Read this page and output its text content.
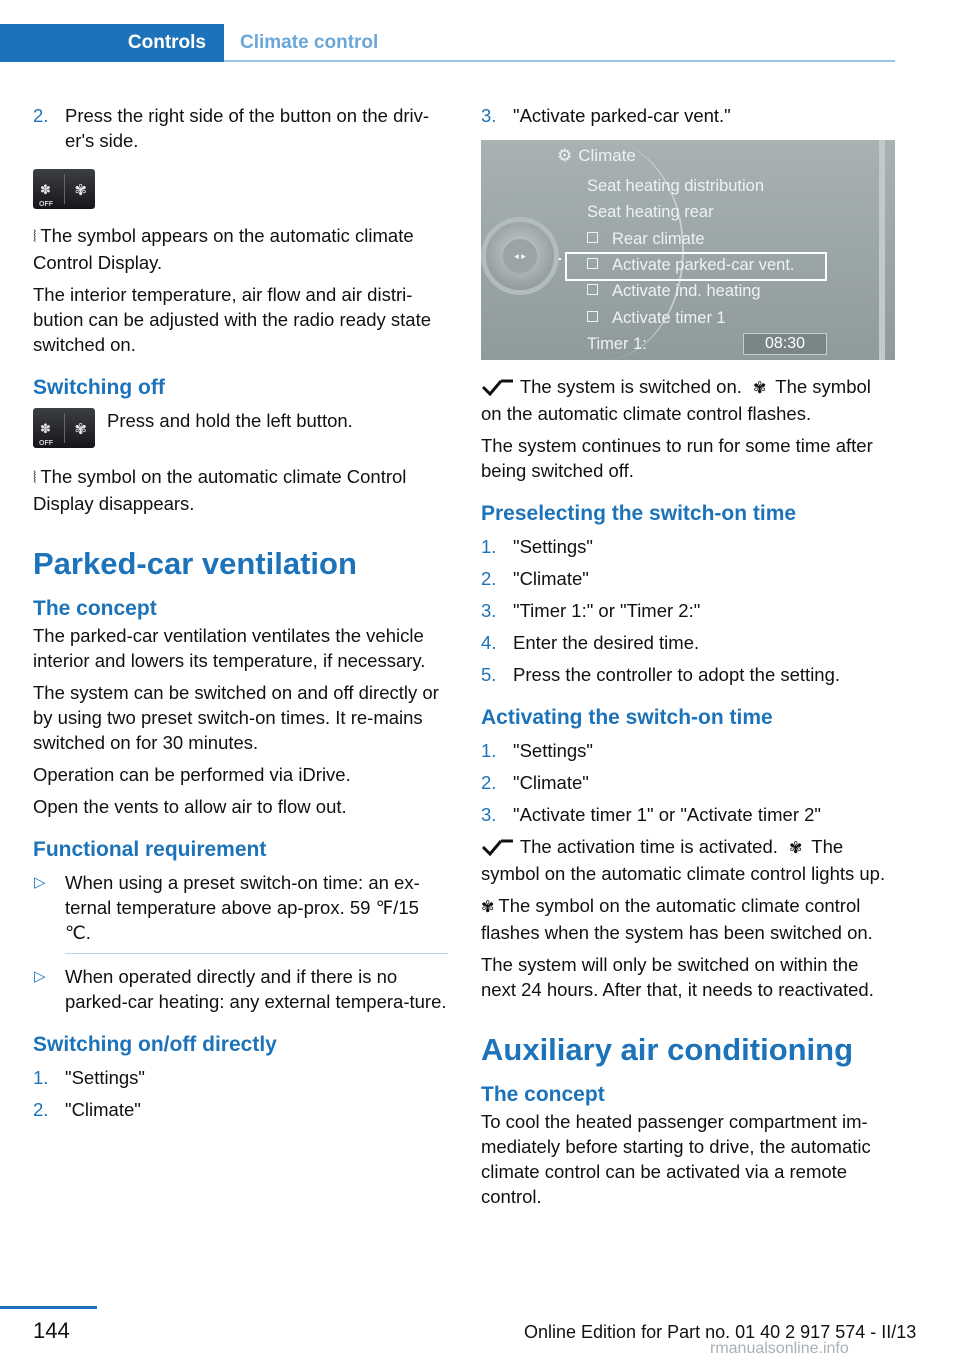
Controls	Climate control
2. Press the right side of the button on the driv‐er's side.
✽
OFF
✾

⦚ The symbol appears on the automatic climate Control Display.

The interior temperature, air flow and air distri‐bution can be adjusted with the radio ready state switched on.

Switching off
✽
OFF
✾ Press and hold the left button.

⦚ The symbol on the automatic climate Control Display disappears.

Parked-car ventilation
The concept

The parked-car ventilation ventilates the vehicle interior and lowers its temperature, if necessary.

The system can be switched on and off directly or by using two preset switch-on times. It re‐mains switched on for 30 minutes.

Operation can be performed via iDrive.

Open the vents to allow air to flow out.

Functional requirement
▷ When using a preset switch-on time: an ex‐ternal temperature above ap‐prox. 59 ℉/15 ℃.
▷ When operated directly and if there is no parked-car heating: any external tempera‐ture.
Switching on/off directly
1. "Settings"
2. "Climate"
3. "Activate parked-car vent."
⚙ Climate
Seat heating distribution
Seat heating rear
Rear climate
Activate parked-car vent.
Activate ind. heating
Activate timer 1
Timer 1:	08:30
◂ ▸

The system is switched on. ✾ The symbol on the automatic climate control flashes.

The system continues to run for some time after being switched off.

Preselecting the switch-on time
1. "Settings"
2. "Climate"
3. "Timer 1:" or "Timer 2:"
4. Enter the desired time.
5. Press the controller to adopt the setting.
Activating the switch-on time
1. "Settings"
2. "Climate"
3. "Activate timer 1" or "Activate timer 2"

The activation time is activated. ✾ The symbol on the automatic climate control lights up.

✾ The symbol on the automatic climate control flashes when the system has been switched on.

The system will only be switched on within the next 24 hours. After that, it needs to reactivated.

Auxiliary air conditioning
The concept

To cool the heated passenger compartment im‐mediately before starting to drive, the automatic climate control can be activated via a remote control.

144	Online Edition for Part no. 01 40 2 917 574 - II/13
rmanualsonline.info
